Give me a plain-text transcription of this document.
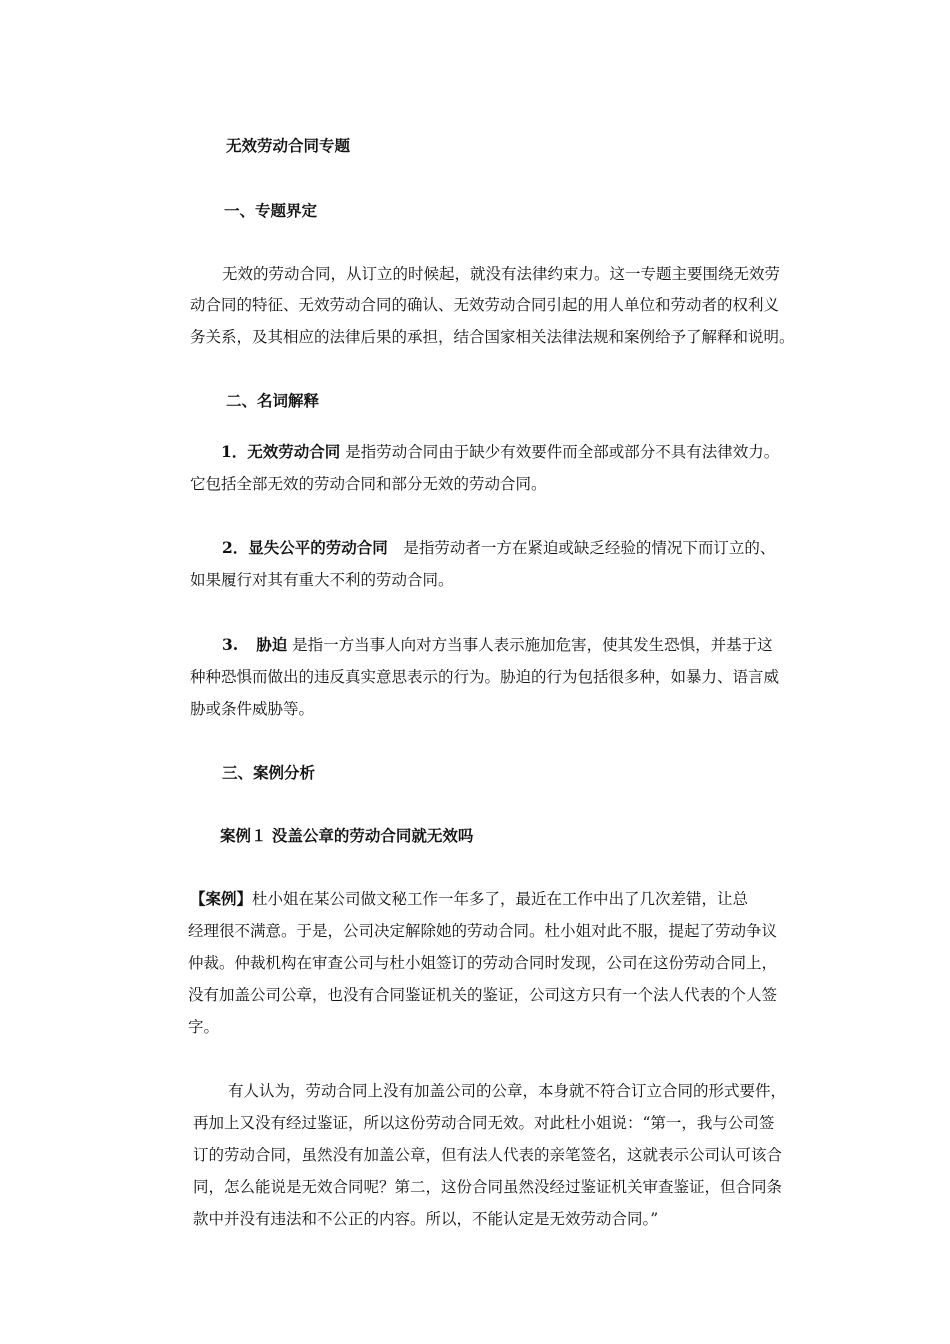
无效劳动合同专题
一、专题界定
无效的劳动合同，从订立的时候起，就没有法律约束力。这一专题主要围绕无效劳
动合同的特征、无效劳动合同的确认、无效劳动合同引起的用人单位和劳动者的权利义
务关系，及其相应的法律后果的承担，结合国家相关法律法规和案例给予了解释和说明。
二、名词解释
1．无效劳动合同 是指劳动合同由于缺少有效要件而全部或部分不具有法律效力。
它包括全部无效的劳动合同和部分无效的劳动合同。
2．显失公平的劳动合同　是指劳动者一方在紧迫或缺乏经验的情况下而订立的、
如果履行对其有重大不利的劳动合同。
3. 胁迫 是指一方当事人向对方当事人表示施加危害，使其发生恐惧，并基于这
种种恐惧而做出的违反真实意思表示的行为。胁迫的行为包括很多种，如暴力、语言威
胁或条件威胁等。
三、案例分析
案例１ 没盖公章的劳动合同就无效吗
【案例】杜小姐在某公司做文秘工作一年多了，最近在工作中出了几次差错，让总
经理很不满意。于是，公司决定解除她的劳动合同。杜小姐对此不服，提起了劳动争议
仲裁。仲裁机构在审查公司与杜小姐签订的劳动合同时发现，公司在这份劳动合同上，
没有加盖公司公章，也没有合同鉴证机关的鉴证，公司这方只有一个法人代表的个人签
字。
有人认为，劳动合同上没有加盖公司的公章，本身就不符合订立合同的形式要件，
再加上又没有经过鉴证，所以这份劳动合同无效。对此杜小姐说：“第一，我与公司签
订的劳动合同，虽然没有加盖公章，但有法人代表的亲笔签名，这就表示公司认可该合
同，怎么能说是无效合同呢？第二，这份合同虽然没经过鉴证机关审查鉴证，但合同条
款中并没有违法和不公正的内容。所以，不能认定是无效劳动合同。”
